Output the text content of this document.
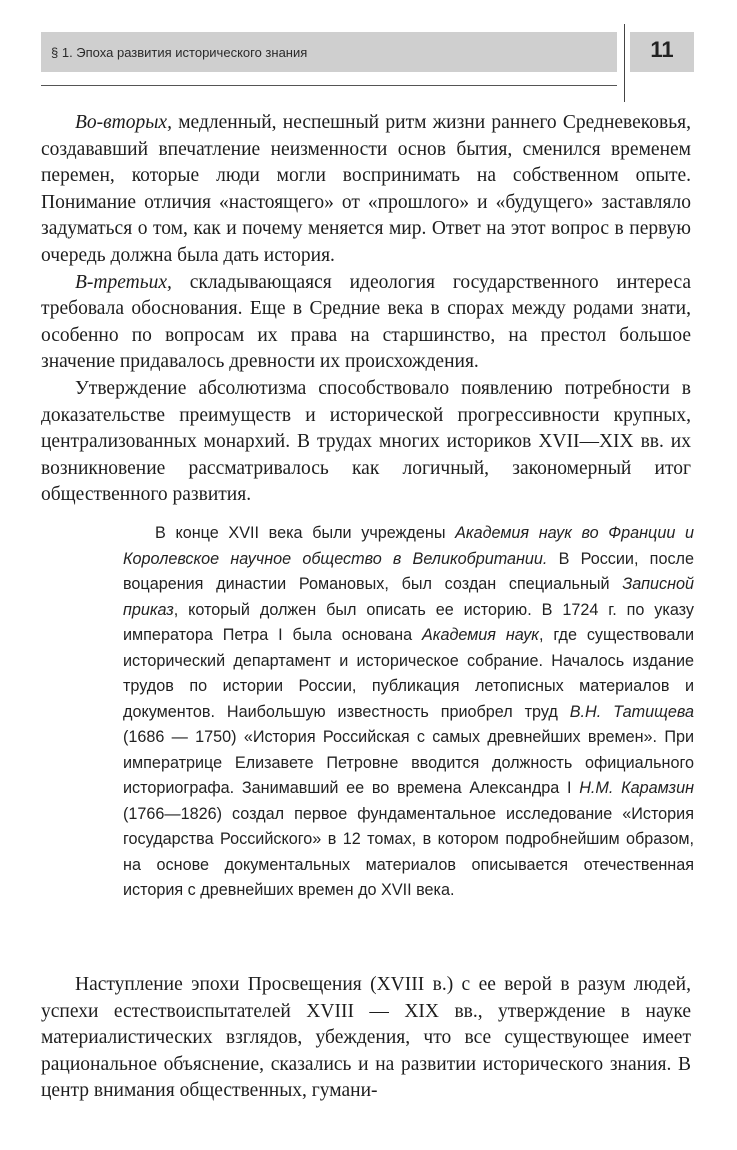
§ 1. Эпоха развития исторического знания	11

Во-вторых, медленный, неспешный ритм жизни раннего Средневековья, создававший впечатление неизменности основ бытия, сменился временем перемен, которые люди могли воспринимать на собственном опыте. Понимание отличия «настоящего» от «прошлого» и «будущего» заставляло задуматься о том, как и почему меняется мир. Ответ на этот вопрос в первую очередь должна была дать история.

В-третьих, складывающаяся идеология государственного интереса требовала обоснования. Еще в Средние века в спорах между родами знати, особенно по вопросам их права на старшинство, на престол большое значение придавалось древности их происхождения.

Утверждение абсолютизма способствовало появлению потребности в доказательстве преимуществ и исторической прогрессивности крупных, централизованных монархий. В трудах многих историков XVII—XIX вв. их возникновение рассматривалось как логичный, закономерный итог общественного развития.

В конце XVII века были учреждены Академия наук во Франции и Королевское научное общество в Великобритании. В России, после воцарения династии Романовых, был создан специальный Записной приказ, который должен был описать ее историю. В 1724 г. по указу императора Петра I была основана Академия наук, где существовали исторический департамент и историческое собрание. Началось издание трудов по истории России, публикация летописных материалов и документов. Наибольшую известность приобрел труд В.Н. Татищева (1686 — 1750) «История Российская с самых древнейших времен». При императрице Елизавете Петровне вводится должность официального историографа. Занимавший ее во времена Александра I Н.М. Карамзин (1766—1826) создал первое фундаментальное исследование «История государства Российского» в 12 томах, в котором подробнейшим образом, на основе документальных материалов описывается отечественная история с древнейших времен до XVII века.

Наступление эпохи Просвещения (XVIII в.) с ее верой в разум людей, успехи естествоиспытателей XVIII — XIX вв., утверждение в науке материалистических взглядов, убеждения, что все существующее имеет рациональное объяснение, сказались и на развитии исторического знания. В центр внимания общественных, гумани-
